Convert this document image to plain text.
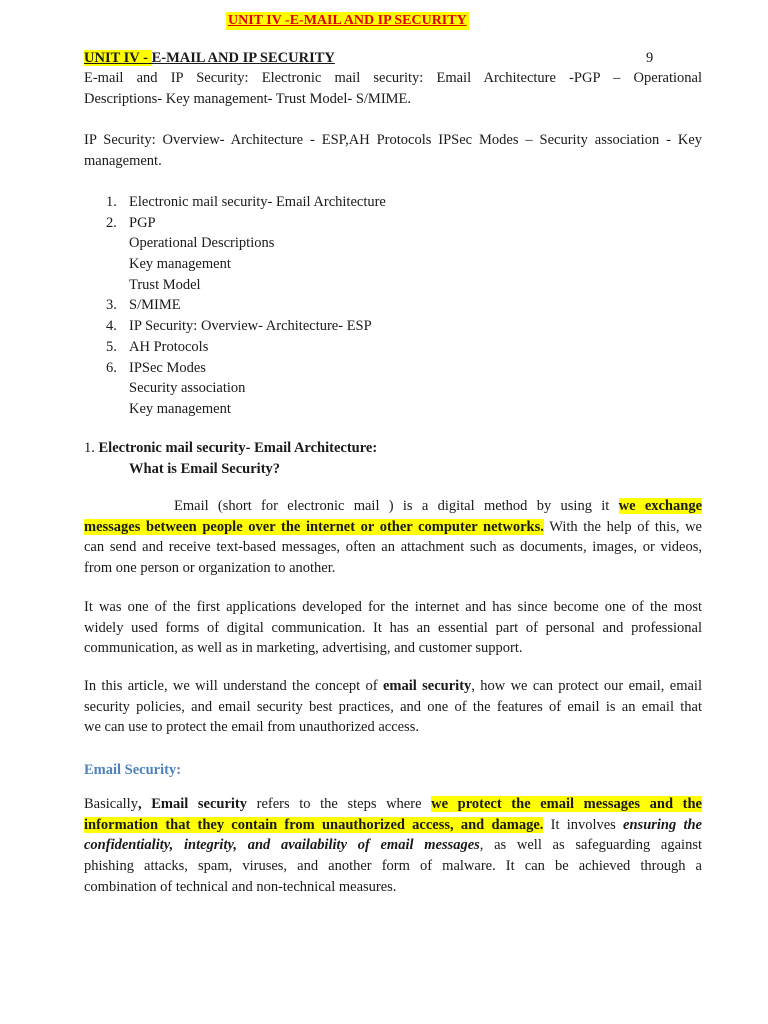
UNIT IV -E-MAIL AND IP SECURITY
UNIT IV - E-MAIL AND IP SECURITY	9
E-mail and IP Security: Electronic mail security: Email Architecture -PGP – Operational
Descriptions- Key management- Trust Model- S/MIME.
IP Security: Overview- Architecture - ESP,AH Protocols IPSec Modes – Security association - Key
management.
1. Electronic mail security- Email Architecture
2. PGP
Operational Descriptions
Key management
Trust Model
3. S/MIME
4. IP Security: Overview- Architecture- ESP
5. AH Protocols
6. IPSec Modes
Security association
Key management
1. Electronic mail security- Email Architecture:
What is Email Security?
Email (short for electronic mail ) is a digital method by using it we exchange
messages between people over the internet or other computer networks. With the help of this, we
can send and receive text-based messages, often an attachment such as documents, images, or videos,
from one person or organization to another.
It was one of the first applications developed for the internet and has since become one of the most
widely used forms of digital communication. It has an essential part of personal and professional
communication, as well as in marketing, advertising, and customer support.
In this article, we will understand the concept of email security, how we can protect our email, email
security policies, and email security best practices, and one of the features of email is an email that
we can use to protect the email from unauthorized access.
Email Security:
Basically, Email security refers to the steps where we protect the email messages and the
information that they contain from unauthorized access, and damage. It involves ensuring the
confidentiality, integrity, and availability of email messages, as well as safeguarding against
phishing attacks, spam, viruses, and another form of malware. It can be achieved through a
combination of technical and non-technical measures.
